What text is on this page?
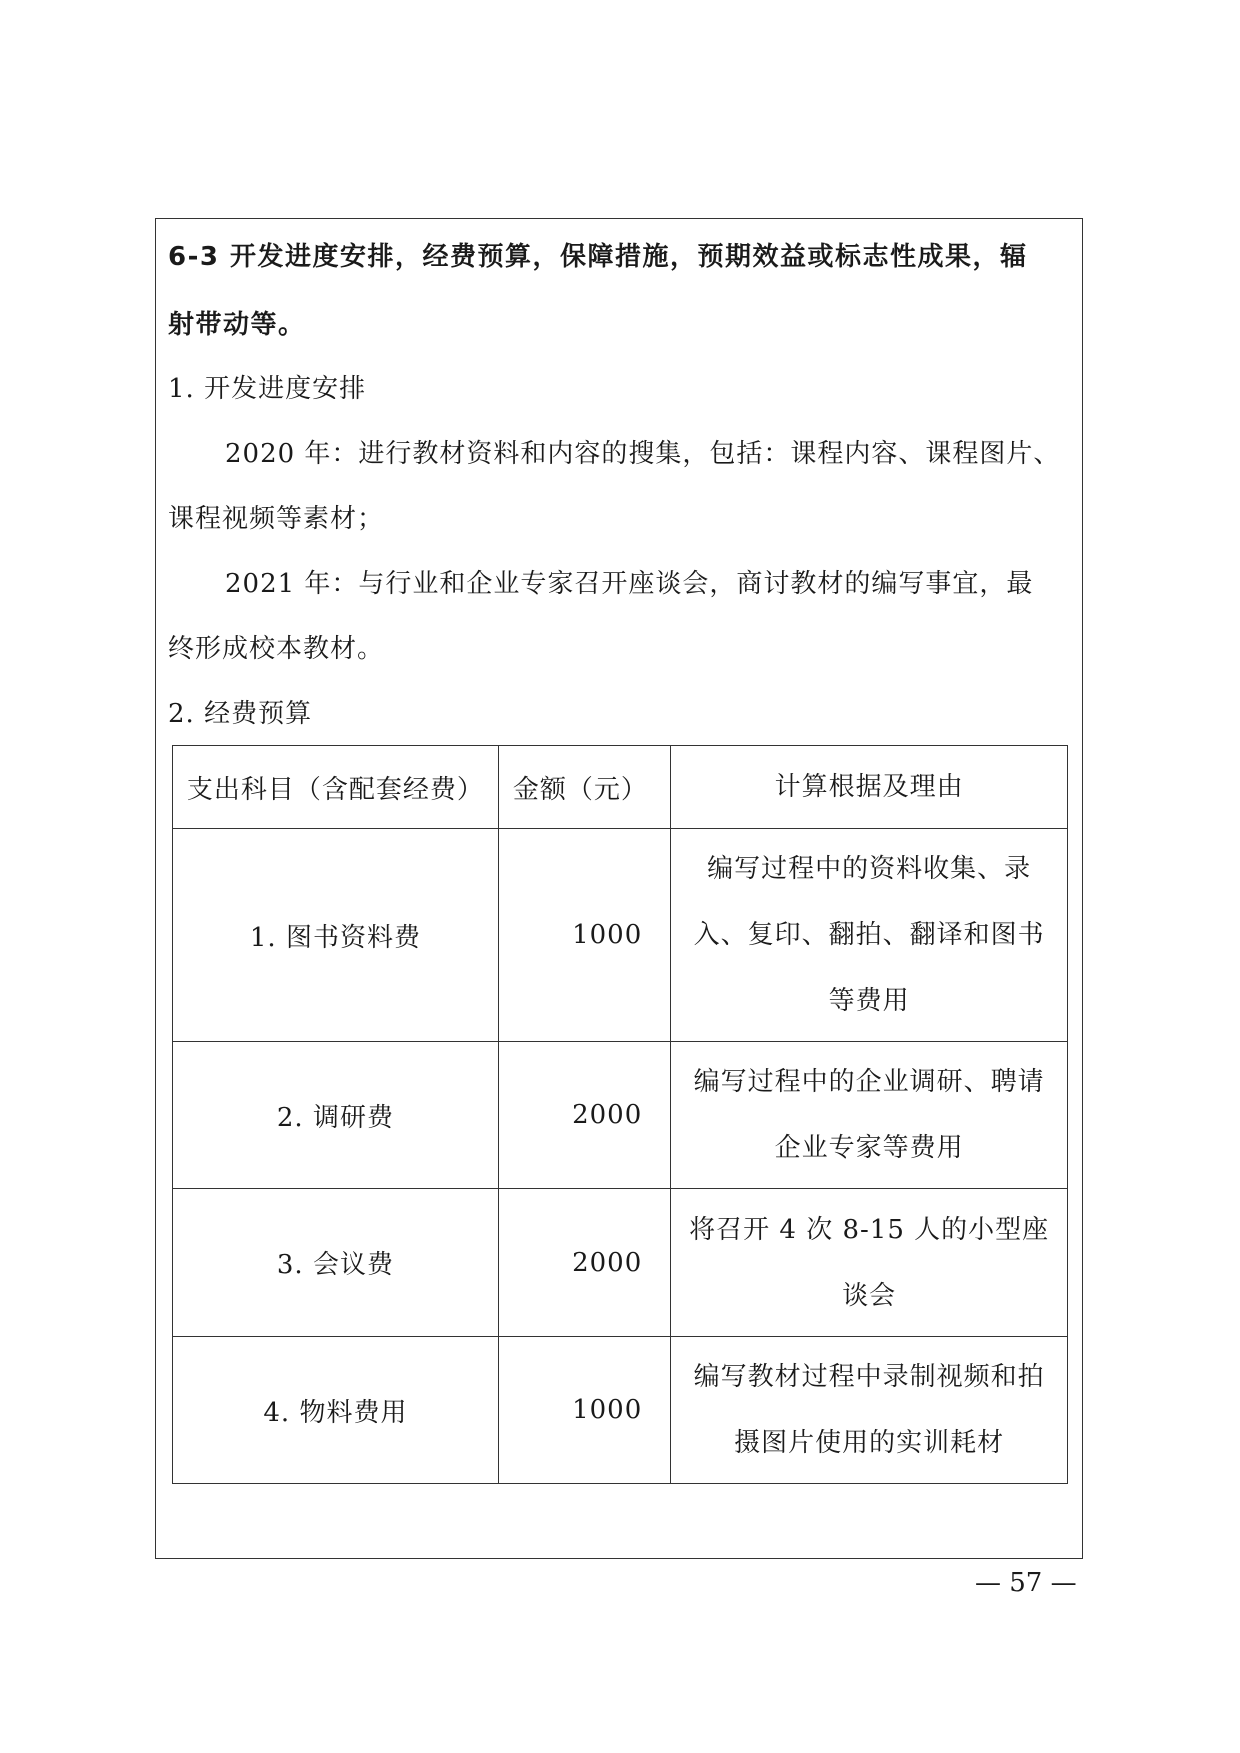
6-3 开发进度安排，经费预算，保障措施，预期效益或标志性成果，辐
射带动等。
1. 开发进度安排
2020 年：进行教材资料和内容的搜集，包括：课程内容、课程图片、
课程视频等素材；
2021 年：与行业和企业专家召开座谈会，商讨教材的编写事宜，最
终形成校本教材。
2. 经费预算
支出科目（含配套经费）	金额（元）	计算根据及理由
1. 图书资料费	1000	编写过程中的资料收集、录入、复印、翻拍、翻译和图书等费用
2. 调研费	2000	编写过程中的企业调研、聘请企业专家等费用
3. 会议费	2000	将召开 4 次 8-15 人的小型座谈会
4. 物料费用	1000	编写教材过程中录制视频和拍摄图片使用的实训耗材
— 57 —
